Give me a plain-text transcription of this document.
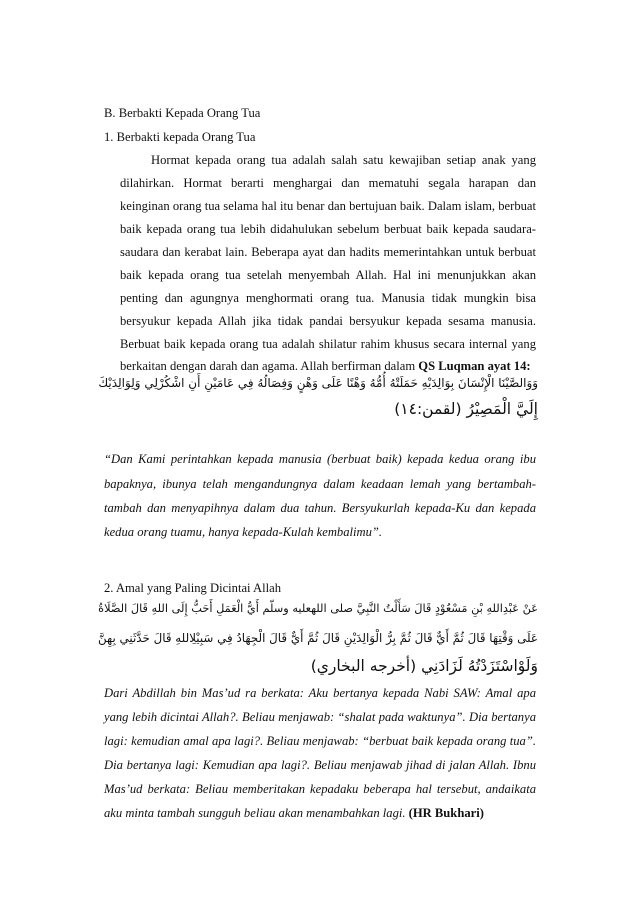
B. Berbakti Kepada Orang Tua
1. Berbakti kepada Orang Tua
Hormat kepada orang tua adalah salah satu kewajiban setiap anak yang
dilahirkan. Hormat berarti menghargai dan mematuhi segala harapan dan
keinginan orang tua selama hal itu benar dan bertujuan baik. Dalam islam, berbuat
baik kepada orang tua lebih didahulukan sebelum berbuat baik kepada saudara-
saudara dan kerabat lain. Beberapa ayat dan hadits memerintahkan untuk berbuat
baik kepada orang tua setelah menyembah Allah. Hal ini menunjukkan akan
penting dan agungnya menghormati orang tua. Manusia tidak mungkin bisa
bersyukur kepada Allah jika tidak pandai bersyukur kepada sesama manusia.
Berbuat baik kepada orang tua adalah shilatur rahim khusus secara internal yang
berkaitan dengan darah dan agama. Allah berfirman dalam QS Luqman ayat 14:
وَوَالصَّيْنَا الْإِنْسَانَ بِوَالِدَيْهِ حَمَلَتْهُ أُمُّهُ وَهْنًا عَلَى وَهْنٍ وَفِصَالُهُ فِي عَامَيْنِ أَنِ اشْكُرْلِي وَلِوَالِدَيْكَ
إِلَيَّ الْمَصِيْرُ (لقمن:١٤)
“Dan Kami perintahkan kepada manusia (berbuat baik) kepada kedua orang ibu
bapaknya, ibunya telah mengandungnya dalam keadaan lemah yang bertambah-
tambah dan menyapihnya dalam dua tahun. Bersyukurlah kepada-Ku dan kepada
kedua orang tuamu, hanya kepada-Kulah kembalimu”.
2. Amal yang Paling Dicintai Allah
عَنْ عَبْدِاللهِ بْنِ مَسْعُوْدٍ قَالَ سَأَلْتُ النَّبِيَّ صلى اللهعليه وسلّم أَيُّ الْعَمَلِ أَحَبُّ إِلَى اللهِ قَالَ الصَّلَاةُ
عَلَى وَقْتِهَا قَالَ ثُمَّ أَيٌّ قَالَ ثُمَّ بِرُّ الْوَالِدَيْنِ قَالَ ثُمَّ أَيٌّ قَالَ الْجِهَادُ فِي سَبِيْلِاللهِ قَالَ حَدَّثَنِي بِهِنَّ
وَلَوْاسْتَزَدْتُهُ لَزَادَنِي (أخرجه البخاري)
Dari Abdillah bin Mas’ud ra berkata: Aku bertanya kepada Nabi SAW: Amal apa
yang lebih dicintai Allah?. Beliau menjawab: “shalat pada waktunya”. Dia bertanya
lagi: kemudian amal apa lagi?. Beliau menjawab: “berbuat baik kepada orang tua”.
Dia bertanya lagi: Kemudian apa lagi?. Beliau menjawab jihad di jalan Allah. Ibnu
Mas’ud berkata: Beliau memberitakan kepadaku beberapa hal tersebut, andaikata
aku minta tambah sungguh beliau akan menambahkan lagi. (HR Bukhari)
